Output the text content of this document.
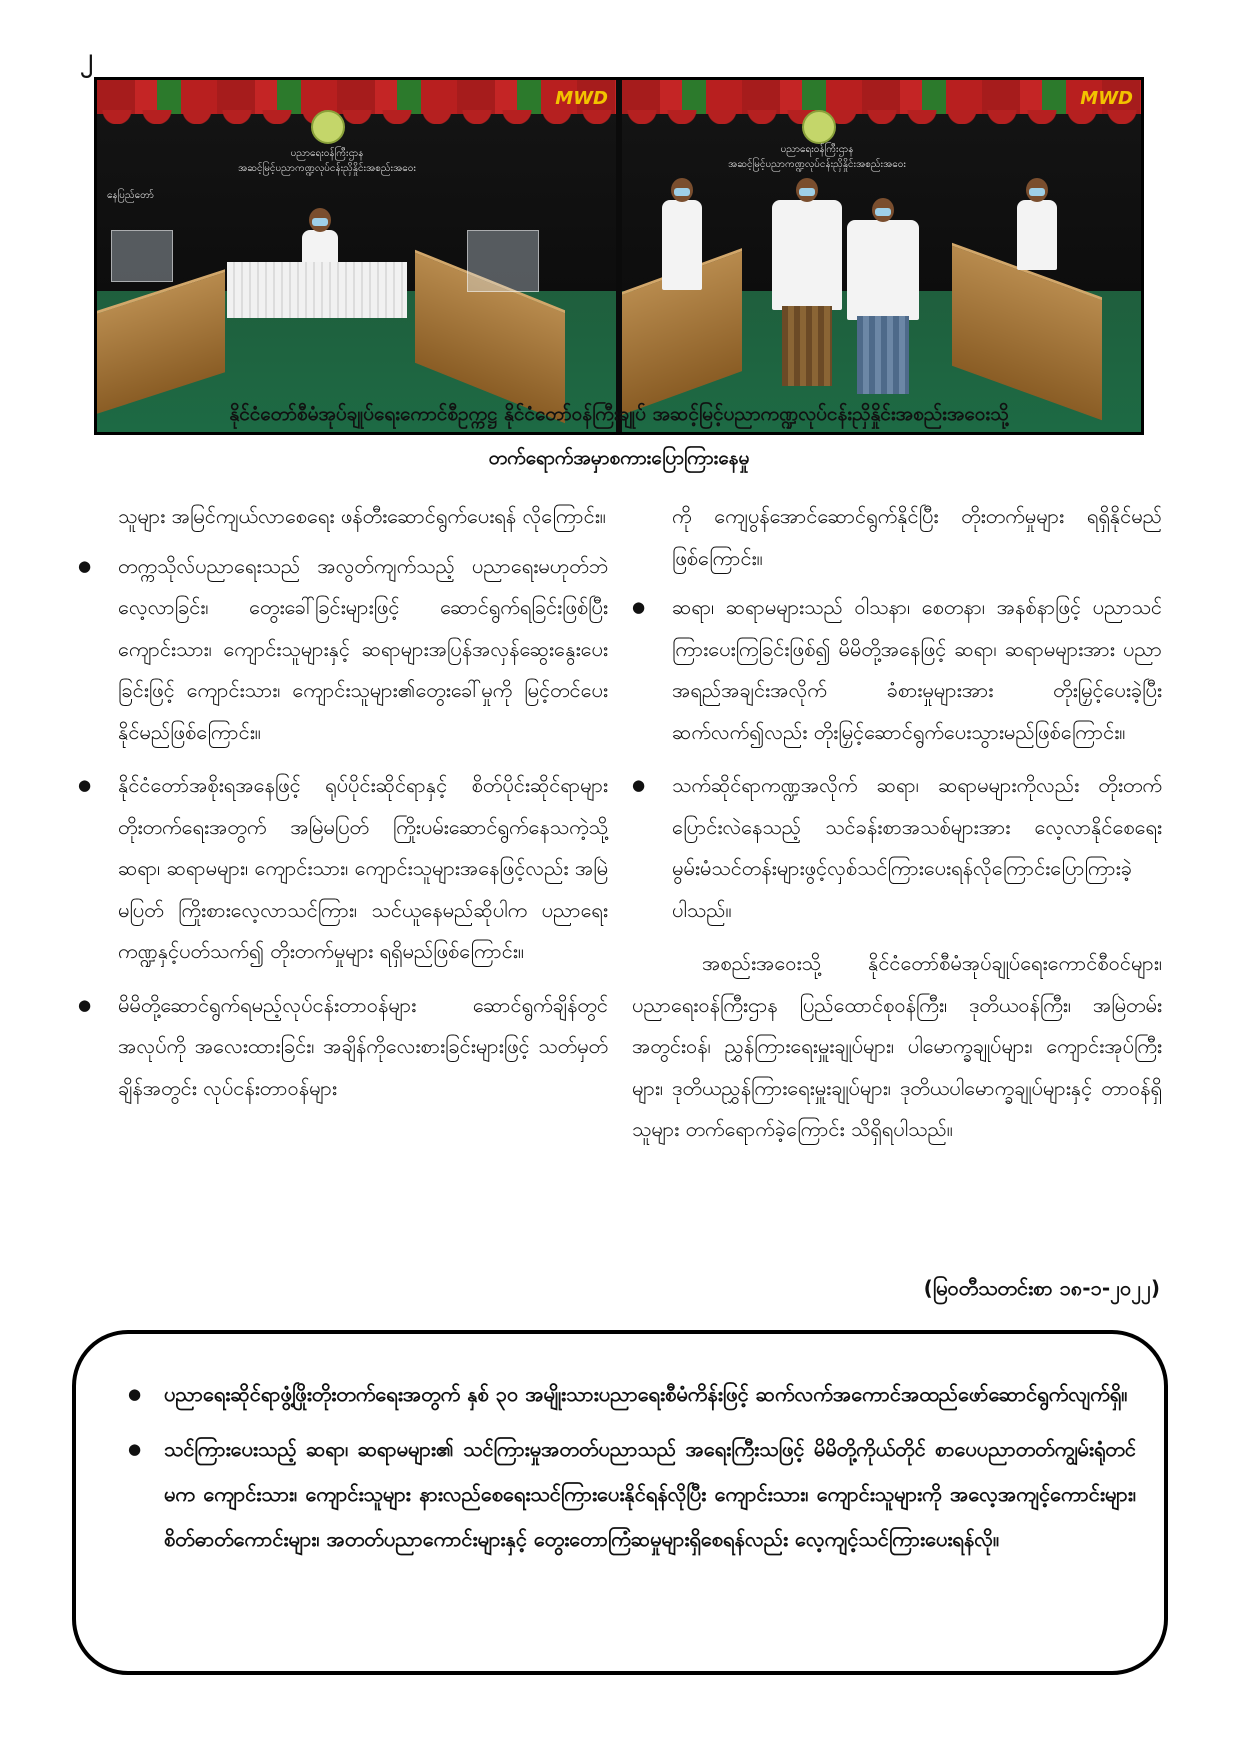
၂
MWD
ပညာရေးဝန်ကြီးဌာန
အဆင့်မြင့်ပညာကဏ္ဍလုပ်ငန်းညှိနှိုင်းအစည်းအဝေး
နေပြည်တော်
MWD
ပညာရေးဝန်ကြီးဌာန
အဆင့်မြင့်ပညာကဏ္ဍလုပ်ငန်းညှိနှိုင်းအစည်းအဝေး
နိုင်ငံတော်စီမံအုပ်ချုပ်ရေးကောင်စီဥက္ကဋ္ဌ နိုင်ငံတော်ဝန်ကြီးချုပ် အဆင့်မြင့်ပညာကဏ္ဍလုပ်ငန်းညှိနှိုင်းအစည်းအဝေးသို့
တက်ရောက်အမှာစကားပြောကြားနေမှု

သူများ အမြင်ကျယ်လာစေရေး ဖန်တီးဆောင်ရွက်ပေးရန် လိုကြောင်း။

● တက္ကသိုလ်ပညာရေးသည် အလွတ်ကျက်သည့် ပညာရေးမဟုတ်ဘဲ လေ့လာခြင်း၊ တွေးခေါ်ခြင်းများဖြင့် ဆောင်ရွက်ရခြင်းဖြစ်ပြီး ကျောင်းသား၊ ကျောင်းသူများနှင့် ဆရာများအပြန်အလှန်ဆွေးနွေးပေးခြင်းဖြင့် ကျောင်းသား၊ ကျောင်းသူများ၏တွေးခေါ်မှုကို မြင့်တင်ပေးနိုင်မည်ဖြစ်ကြောင်း။
● နိုင်ငံတော်အစိုးရအနေဖြင့် ရုပ်ပိုင်းဆိုင်ရာနှင့် စိတ်ပိုင်းဆိုင်ရာများ တိုးတက်ရေးအတွက် အမြဲမပြတ် ကြိုးပမ်းဆောင်ရွက်နေသကဲ့သို့ ဆရာ၊ ဆရာမများ၊ ကျောင်းသား၊ ကျောင်းသူများအနေဖြင့်လည်း အမြဲမပြတ် ကြိုးစားလေ့လာသင်ကြား၊ သင်ယူနေမည်ဆိုပါက ပညာရေးကဏ္ဍနှင့်ပတ်သက်၍ တိုးတက်မှုများ ရရှိမည်ဖြစ်ကြောင်း။
● မိမိတို့ဆောင်ရွက်ရမည့်လုပ်ငန်းတာဝန်များ ဆောင်ရွက်ချိန်တွင် အလုပ်ကို အလေးထားခြင်း၊ အချိန်ကိုလေးစားခြင်းများဖြင့် သတ်မှတ်ချိန်အတွင်း လုပ်ငန်းတာဝန်များ

ကို ကျေပွန်အောင်ဆောင်ရွက်နိုင်ပြီး တိုးတက်မှုများ ရရှိနိုင်မည်ဖြစ်ကြောင်း။

● ဆရာ၊ ဆရာမများသည် ဝါသနာ၊ စေတနာ၊ အနစ်နာဖြင့် ပညာသင်ကြားပေးကြခြင်းဖြစ်၍ မိမိတို့အနေဖြင့် ဆရာ၊ ဆရာမများအား ပညာအရည်အချင်းအလိုက် ခံစားမှုများအား တိုးမြှင့်ပေးခဲ့ပြီး ဆက်လက်၍လည်း တိုးမြှင့်ဆောင်ရွက်ပေးသွားမည်ဖြစ်ကြောင်း။
● သက်ဆိုင်ရာကဏ္ဍအလိုက် ဆရာ၊ ဆရာမများကိုလည်း တိုးတက်ပြောင်းလဲနေသည့် သင်ခန်းစာအသစ်များအား လေ့လာနိုင်စေရေး မွမ်းမံသင်တန်းများဖွင့်လှစ်သင်ကြားပေးရန်လိုကြောင်းပြောကြားခဲ့ပါသည်။

အစည်းအဝေးသို့ နိုင်ငံတော်စီမံအုပ်ချုပ်ရေးကောင်စီဝင်များ၊ ပညာရေးဝန်ကြီးဌာန ပြည်ထောင်စုဝန်ကြီး၊ ဒုတိယဝန်ကြီး၊ အမြဲတမ်းအတွင်းဝန်၊ ညွှန်ကြားရေးမှူးချုပ်များ၊ ပါမောက္ခချုပ်များ၊ ကျောင်းအုပ်ကြီးများ၊ ဒုတိယညွှန်ကြားရေးမှူးချုပ်များ၊ ဒုတိယပါမောက္ခချုပ်များနှင့် တာဝန်ရှိသူများ တက်ရောက်ခဲ့ကြောင်း သိရှိရပါသည်။

(မြဝတီသတင်းစာ ၁၈-၁-၂၀၂၂)
● ပညာရေးဆိုင်ရာဖွံ့ဖြိုးတိုးတက်ရေးအတွက် နှစ် ၃၀ အမျိုးသားပညာရေးစီမံကိန်းဖြင့် ဆက်လက်အကောင်အထည်ဖော်ဆောင်ရွက်လျက်ရှိ။
● သင်ကြားပေးသည့် ဆရာ၊ ဆရာမများ၏ သင်ကြားမှုအတတ်ပညာသည် အရေးကြီးသဖြင့် မိမိတို့ကိုယ်တိုင် စာပေပညာတတ်ကျွမ်းရုံတင်မက ကျောင်းသား၊ ကျောင်းသူများ နားလည်စေရေးသင်ကြားပေးနိုင်ရန်လိုပြီး ကျောင်းသား၊ ကျောင်းသူများကို အလေ့အကျင့်ကောင်းများ၊ စိတ်ဓာတ်ကောင်းများ၊ အတတ်ပညာကောင်းများနှင့် တွေးတောကြံဆမှုများရှိစေရန်လည်း လေ့ကျင့်သင်ကြားပေးရန်လို။
